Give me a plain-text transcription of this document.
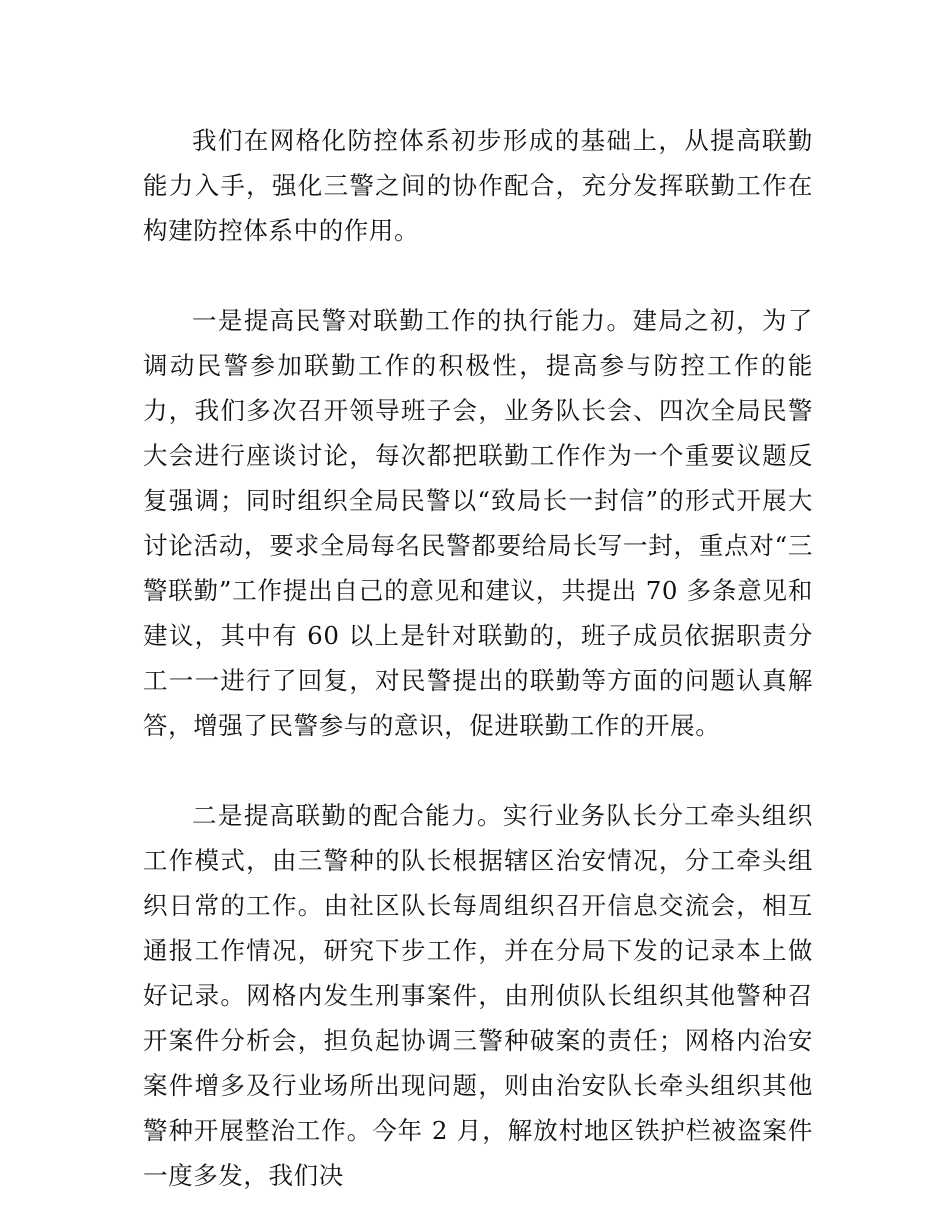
我们在网格化防控体系初步形成的基础上，从提高联勤能力入手，强化三警之间的协作配合，充分发挥联勤工作在构建防控体系中的作用。

一是提高民警对联勤工作的执行能力。建局之初，为了调动民警参加联勤工作的积极性，提高参与防控工作的能力，我们多次召开领导班子会，业务队长会、四次全局民警大会进行座谈讨论，每次都把联勤工作作为一个重要议题反复强调；同时组织全局民警以“致局长一封信”的形式开展大讨论活动，要求全局每名民警都要给局长写一封，重点对“三警联勤”工作提出自己的意见和建议，共提出 70 多条意见和建议，其中有 60 以上是针对联勤的，班子成员依据职责分工一一进行了回复，对民警提出的联勤等方面的问题认真解答，增强了民警参与的意识，促进联勤工作的开展。

二是提高联勤的配合能力。实行业务队长分工牵头组织工作模式，由三警种的队长根据辖区治安情况，分工牵头组织日常的工作。由社区队长每周组织召开信息交流会，相互通报工作情况，研究下步工作，并在分局下发的记录本上做好记录。网格内发生刑事案件，由刑侦队长组织其他警种召开案件分析会，担负起协调三警种破案的责任；网格内治安案件增多及行业场所出现问题，则由治安队长牵头组织其他警种开展整治工作。今年 2 月，解放村地区铁护栏被盗案件一度多发，我们决
